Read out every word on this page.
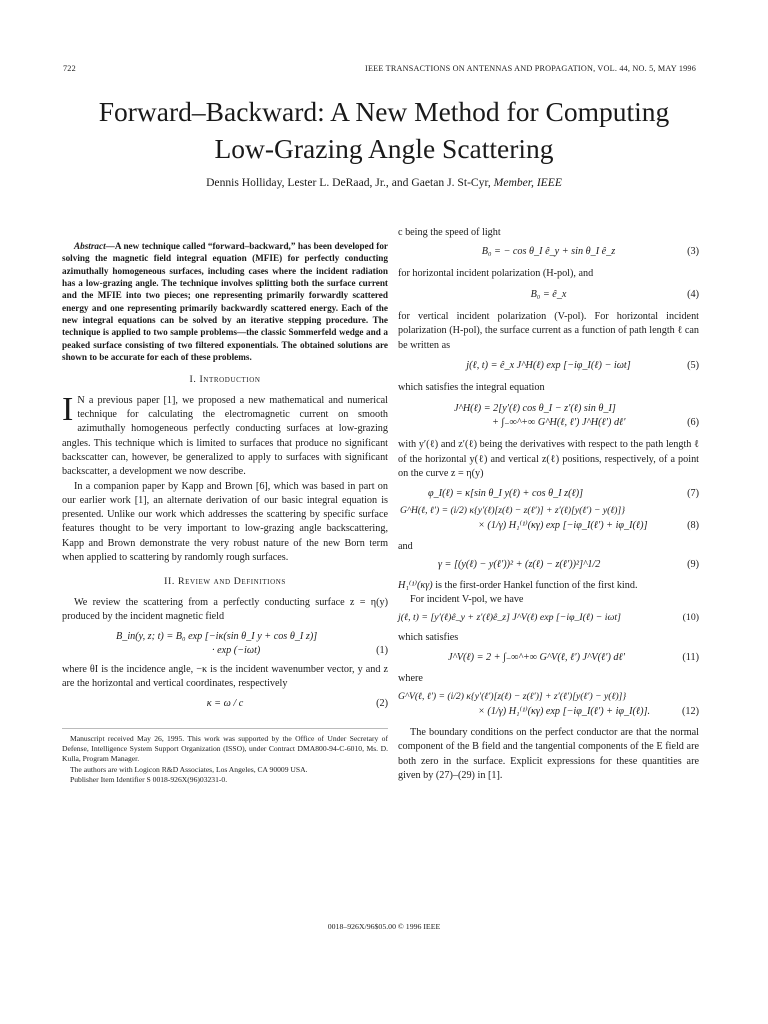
722	IEEE TRANSACTIONS ON ANTENNAS AND PROPAGATION, VOL. 44, NO. 5, MAY 1996
Forward–Backward: A New Method for Computing
Low-Grazing Angle Scattering
Dennis Holliday, Lester L. DeRaad, Jr., and Gaetan J. St-Cyr, Member, IEEE

Abstract—A new technique called “forward–backward,” has been developed for solving the magnetic field integral equation (MFIE) for perfectly conducting azimuthally homogeneous surfaces, including cases where the incident radiation has a low-grazing angle. The technique involves splitting both the surface current and the MFIE into two pieces; one representing primarily forwardly scattered energy and one representing primarily backwardly scattered energy. Each of the new integral equations can be solved by an iterative stepping procedure. The technique is applied to two sample problems—the classic Sommerfeld wedge and a peaked surface consisting of two filtered exponentials. The obtained solutions are shown to be accurate for each of these problems.

I. Introduction

I N a previous paper [1], we proposed a new mathematical and numerical technique for calculating the electromagnetic current on smooth azimuthally homogeneous perfectly conducting surfaces at low-grazing angles. This technique which is limited to surfaces that produce no significant backscatter can, however, be generalized to apply to surfaces with significant backscatter, a development we now describe.

In a companion paper by Kapp and Brown [6], which was based in part on our earlier work [1], an alternate derivation of our basic integral equation is presented. Unlike our work which addresses the scattering by specific surface features thought to be very important to low-grazing angle backscattering, Kapp and Brown demonstrate the very robust nature of the new Born term when applied to scattering by randomly rough surfaces.

II. Review and Definitions

We review the scattering from a perfectly conducting surface z = η(y) produced by the incident magnetic field

B_in(y, z; t) = B₀ exp [−iκ(sin θ_I y + cos θ_I z)]
· exp (−iωt)	(1)

where θI is the incidence angle, −κ is the incident wavenumber vector, y and z are the horizontal and vertical coordinates, respectively

κ = ω / c	(2)

Manuscript received May 26, 1995. This work was supported by the Office of Under Secretary of Defense, Intelligence System Support Organization (ISSO), under Contract DMA800-94-C-6010, Ms. D. Kulla, Program Manager.

The authors are with Logicon R&D Associates, Los Angeles, CA 90009 USA.

Publisher Item Identifier S 0018-926X(96)03231-0.

c being the speed of light

B₀ = − cos θ_I ê_y + sin θ_I ê_z	(3)

for horizontal incident polarization (H-pol), and

B₀ = ê_x	(4)

for vertical incident polarization (V-pol). For horizontal incident polarization (H-pol), the surface current as a function of path length ℓ can be written as

j(ℓ, t) = ê_x J^H(ℓ) exp [−iφ_I(ℓ) − iωt]	(5)

which satisfies the integral equation

J^H(ℓ) = 2[y′(ℓ) cos θ_I − z′(ℓ) sin θ_I]
+ ∫₋∞^+∞ G^H(ℓ, ℓ′) J^H(ℓ′) dℓ′	(6)

with y′(ℓ) and z′(ℓ) being the derivatives with respect to the path length ℓ of the horizontal y(ℓ) and vertical z(ℓ) positions, respectively, of a point on the curve z = η(y)

φ_I(ℓ) = κ[sin θ_I y(ℓ) + cos θ_I z(ℓ)]	(7)
G^H(ℓ, ℓ′) = (i/2) κ{y′(ℓ)[z(ℓ) − z(ℓ′)] + z′(ℓ)[y(ℓ′) − y(ℓ)]}
× (1/γ) H₁⁽¹⁾(κγ) exp [−iφ_I(ℓ′) + iφ_I(ℓ)]	(8)

and

γ = [(y(ℓ) − y(ℓ′))² + (z(ℓ) − z(ℓ′))²]^1/2	(9)

H₁⁽¹⁾(κγ) is the first-order Hankel function of the first kind.

For incident V-pol, we have

j(ℓ, t) = [y′(ℓ)ê_y + z′(ℓ)ê_z] J^V(ℓ) exp [−iφ_I(ℓ) − iωt]	(10)

which satisfies

J^V(ℓ) = 2 + ∫₋∞^+∞ G^V(ℓ, ℓ′) J^V(ℓ′) dℓ′	(11)

where

G^V(ℓ, ℓ′) = (i/2) κ{y′(ℓ′)[z(ℓ) − z(ℓ′)] + z′(ℓ′)[y(ℓ′) − y(ℓ)]}
× (1/γ) H₁⁽¹⁾(κγ) exp [−iφ_I(ℓ′) + iφ_I(ℓ)].	(12)

The boundary conditions on the perfect conductor are that the normal component of the B field and the tangential components of the E field are both zero in the surface. Explicit expressions for these quantities are given by (27)–(29) in [1].

0018–926X/96$05.00 © 1996 IEEE
